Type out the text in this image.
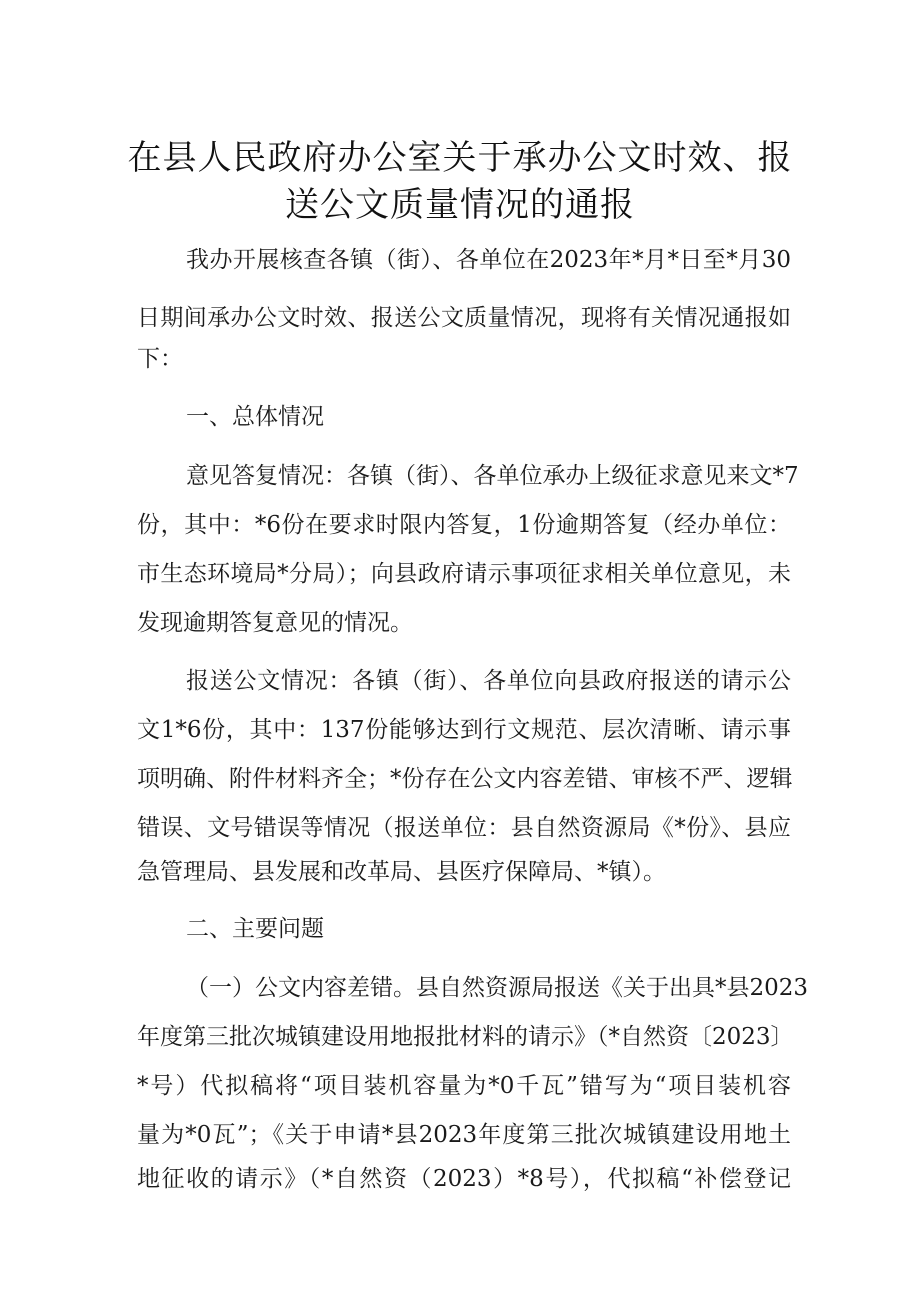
在县人民政府办公室关于承办公文时效、报
送公文质量情况的通报

我办开展核查各镇（街）、各单位在2023年*月*日至*月30

日期间承办公文时效、报送公文质量情况，现将有关情况通报如

下：

一、总体情况

意见答复情况：各镇（街）、各单位承办上级征求意见来文*7

份，其中：*6份在要求时限内答复，1份逾期答复（经办单位：

市生态环境局*分局）；向县政府请示事项征求相关单位意见，未

发现逾期答复意见的情况。

报送公文情况：各镇（街）、各单位向县政府报送的请示公

文1*6份，其中：137份能够达到行文规范、层次清晰、请示事

项明确、附件材料齐全；*份存在公文内容差错、审核不严、逻辑

错误、文号错误等情况（报送单位：县自然资源局《*份》、县应

急管理局、县发展和改革局、县医疗保障局、*镇）。

二、主要问题

（一）公文内容差错。县自然资源局报送《关于出具*县2023

年度第三批次城镇建设用地报批材料的请示》（*自然资〔2023〕

*号）代拟稿将“项目装机容量为*0千瓦”错写为“项目装机容

量为*0瓦”；《关于申请*县2023年度第三批次城镇建设用地土

地征收的请示》（*自然资（2023）*8号），代拟稿“补偿登记
